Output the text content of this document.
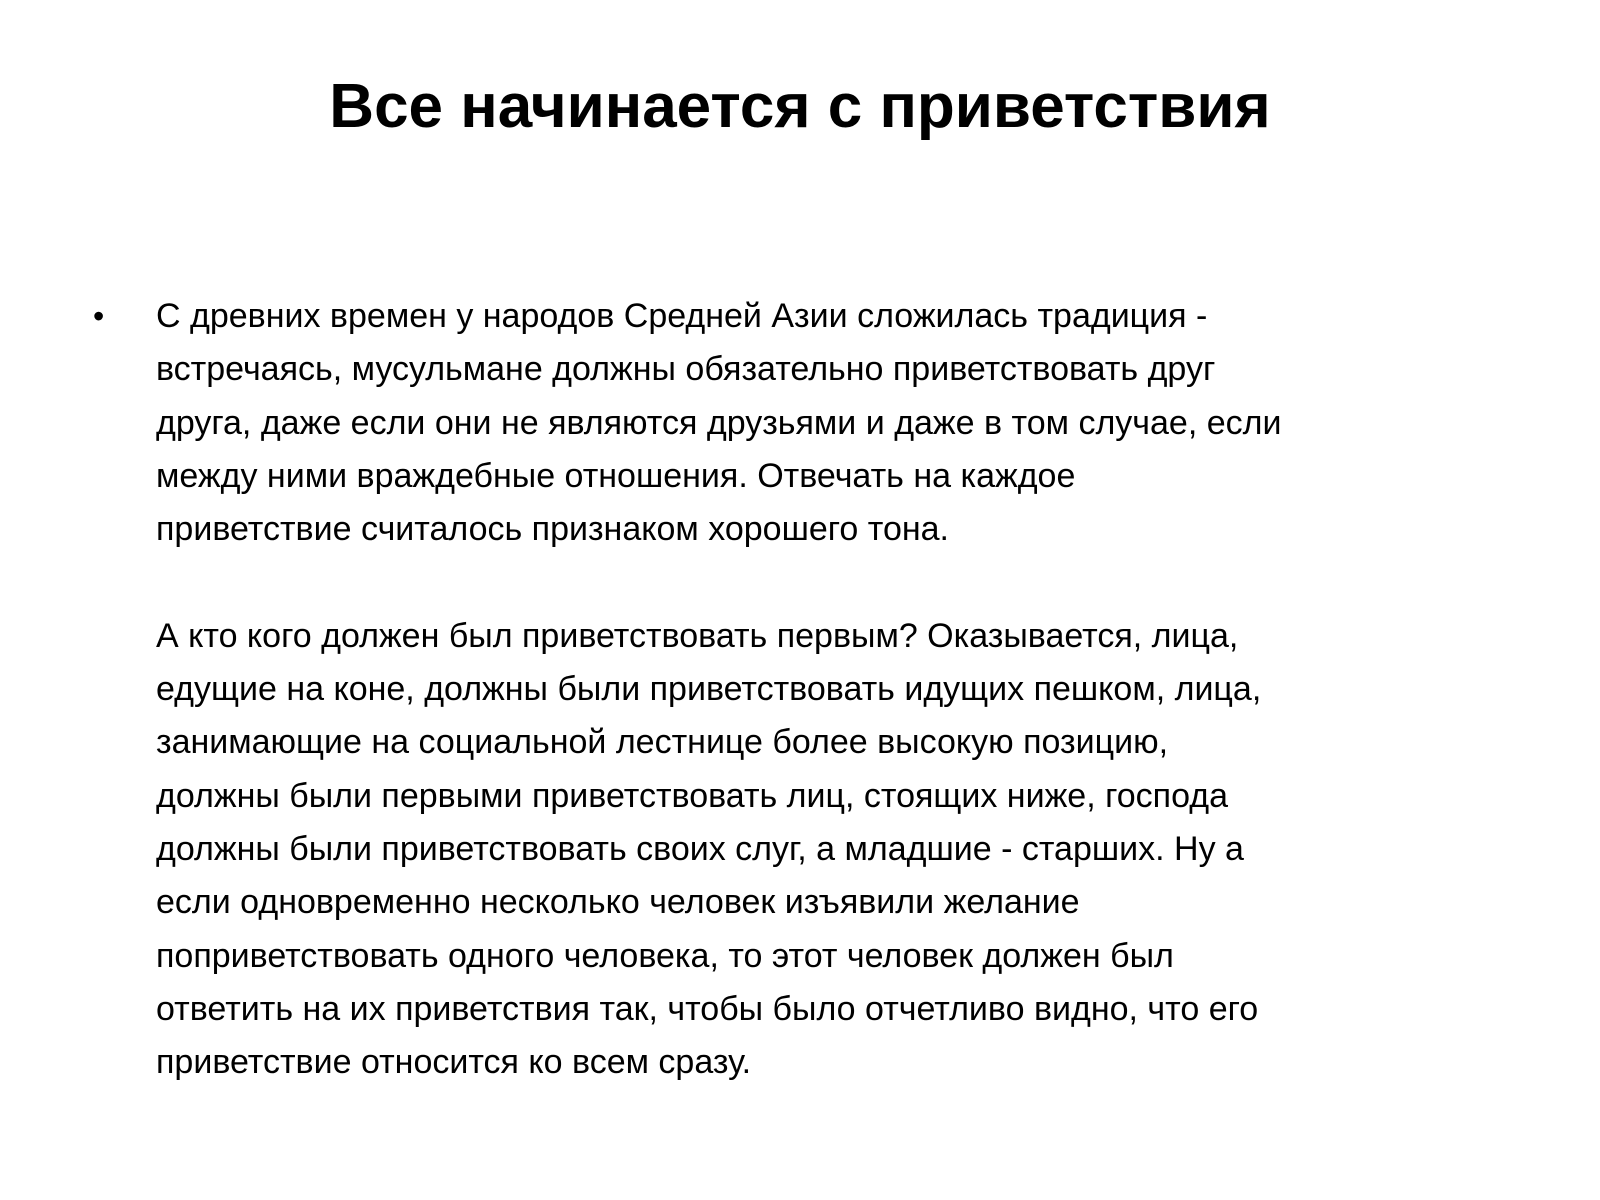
Все начинается с приветствия
• С древних времен у народов Средней Азии сложилась традиция -
встречаясь, мусульмане должны обязательно приветствовать друг
друга, даже если они не являются друзьями и даже в том случае, если
между ними враждебные отношения. Отвечать на каждое
приветствие считалось признаком хорошего тона.

А кто кого должен был приветствовать первым? Оказывается, лица,
едущие на коне, должны были приветствовать идущих пешком, лица,
занимающие на социальной лестнице более высокую позицию,
должны были первыми приветствовать лиц, стоящих ниже, господа
должны были приветствовать своих слуг, а младшие - старших. Ну а
если одновременно несколько человек изъявили желание
поприветствовать одного человека, то этот человек должен был
ответить на их приветствия так, чтобы было отчетливо видно, что его
приветствие относится ко всем сразу.
